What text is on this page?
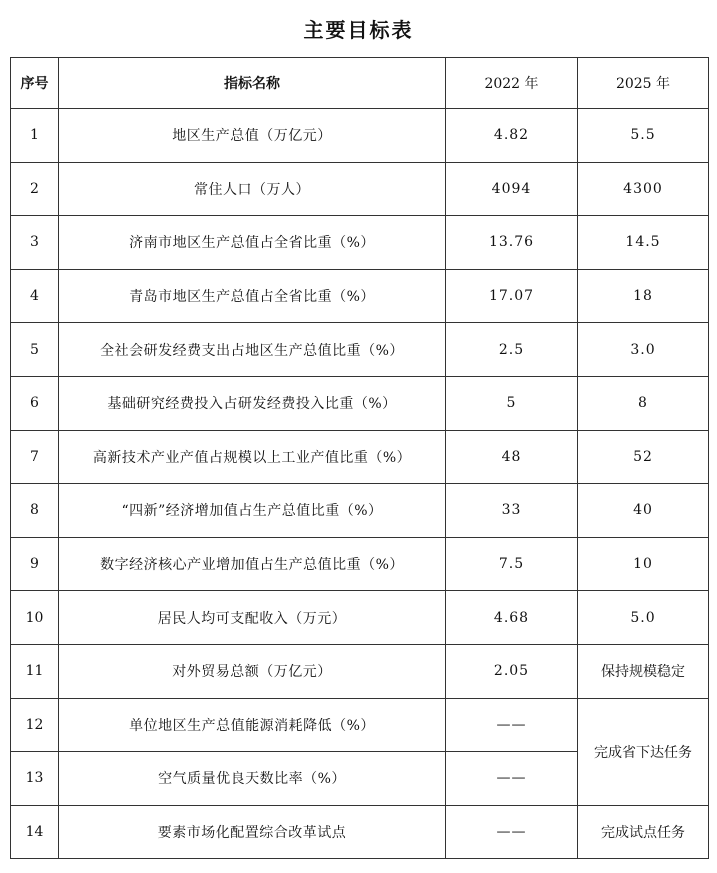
主要目标表
序号	指标名称	2022 年	2025 年
1	地区生产总值（万亿元）	4.82	5.5
2	常住人口（万人）	4094	4300
3	济南市地区生产总值占全省比重（%）	13.76	14.5
4	青岛市地区生产总值占全省比重（%）	17.07	18
5	全社会研发经费支出占地区生产总值比重（%）	2.5	3.0
6	基础研究经费投入占研发经费投入比重（%）	5	8
7	高新技术产业产值占规模以上工业产值比重（%）	48	52
8	“四新”经济增加值占生产总值比重（%）	33	40
9	数字经济核心产业增加值占生产总值比重（%）	7.5	10
10	居民人均可支配收入（万元）	4.68	5.0
11	对外贸易总额（万亿元）	2.05	保持规模稳定
12	单位地区生产总值能源消耗降低（%）	——	完成省下达任务
13	空气质量优良天数比率（%）	——	
14	要素市场化配置综合改革试点	——	完成试点任务
